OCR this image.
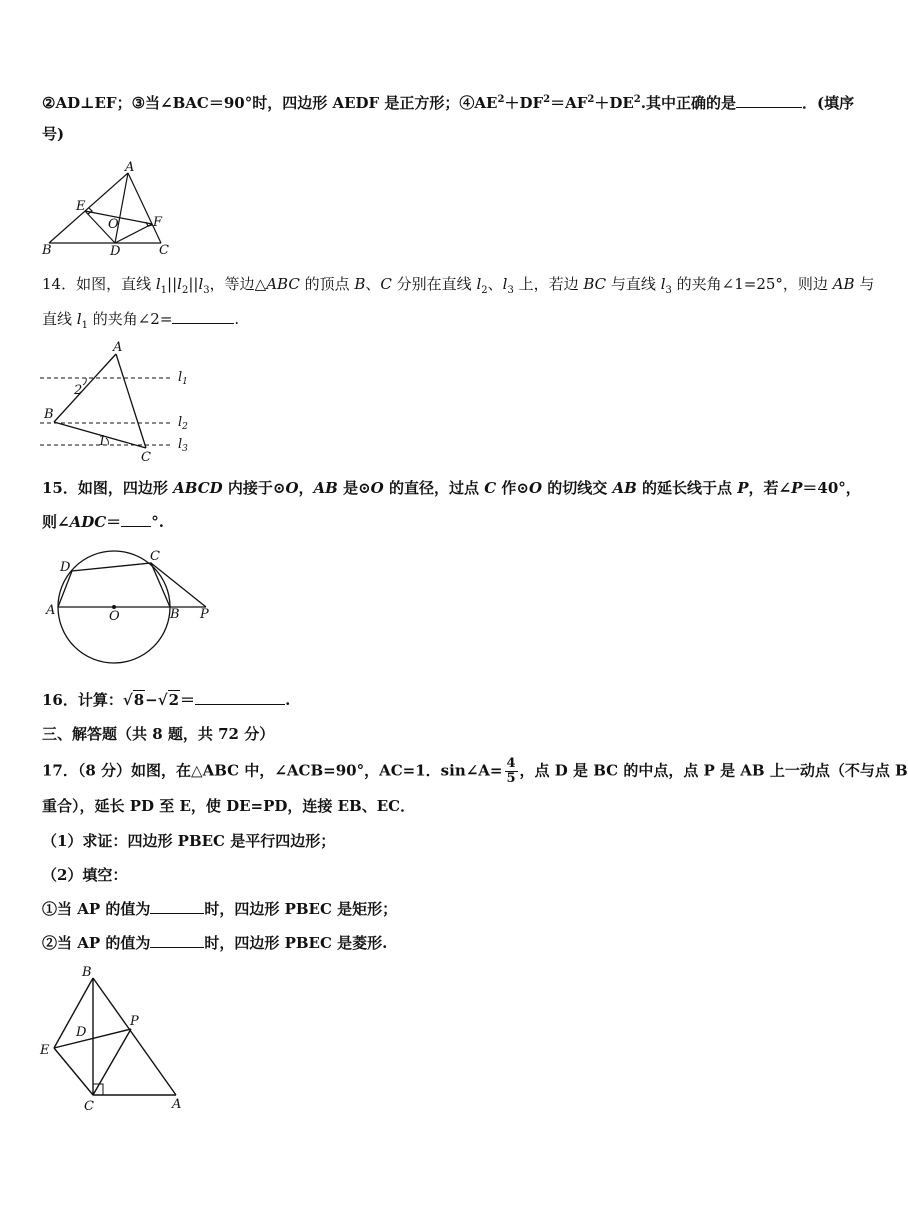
②AD⊥EF；③当∠BAC＝90°时，四边形 AEDF 是正方形；$④AE^2+DF^2=AF^2+DE^2$.其中正确的是	．(填序
号)
A
E
O	F
B	D	C
14．如图，直线 $l_1||l_2||l_3$，等边△ABC 的顶点 B、C 分别在直线 $l_2$、$l_3$ 上，若边 BC 与直线 $l_3$ 的夹角∠1=25°，则边 AB 与
直线 $l_1$ 的夹角∠2=	.
A
2
B
1
C
$l_1$
$l_2$
$l_3$
15．如图，四边形 ABCD 内接于⊙O，AB 是⊙O 的直径，过点 C 作⊙O 的切线交 AB 的延长线于点 P，若∠P＝40°，
则∠ADC＝ °.
D
C
A	O	B P
16．计算：√8−√2＝	.
三、解答题（共 8 题，共 72 分）
17．（8 分）如图，在△ABC 中，∠ACB=90°，AC=1．sin∠A= $\frac{4}{5}$ ，点 D 是 BC 的中点，点 P 是 AB 上一动点（不与点 B
重合），延长 PD 至 E，使 DE=PD，连接 EB、EC．
（1）求证：四边形 PBEC 是平行四边形；
（2）填空：
①当 AP 的值为	时，四边形 PBEC 是矩形；
②当 AP 的值为	时，四边形 PBEC 是菱形.
B
D
P
E
C	A
